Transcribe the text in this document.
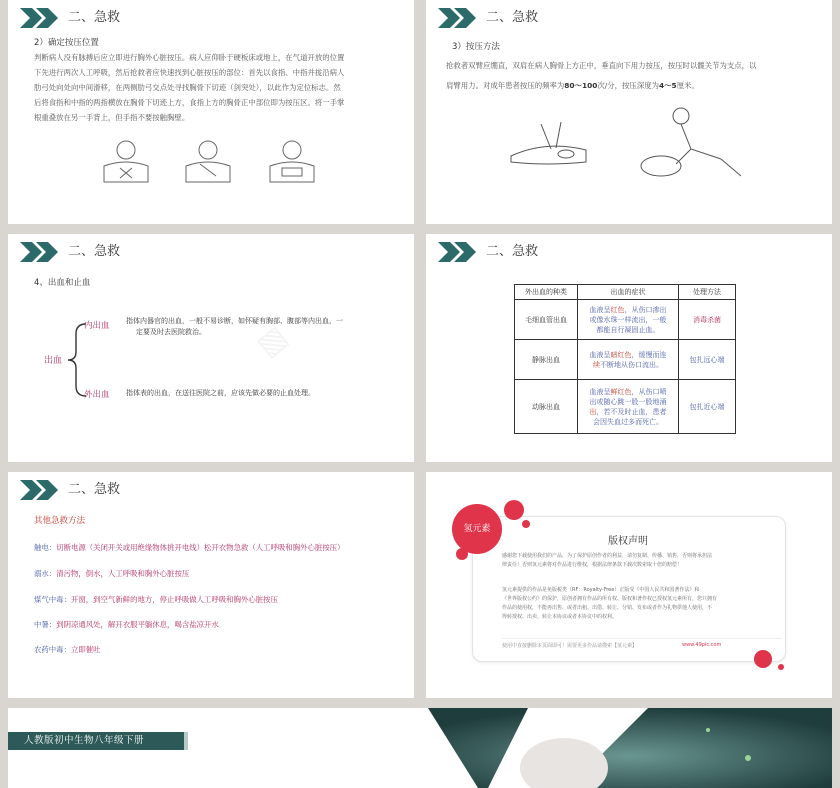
二、急救
2）确定按压位置
判断病人没有脉搏后应立即进行胸外心脏按压。病人应仰卧于硬板床或地上，在气道开放的位置
下先进行两次人工呼吸，然后抢救者应快速找到心脏按压的部位：首先以食指、中指并拢沿病人
肋弓处向处向中间滑移，在两侧肋弓交点处寻找胸骨下切迹（剑突处），以此作为定位标志。然
后将食指和中指的两指横放在胸骨下切迹上方，食指上方的胸骨正中部位即为按压区。将一手掌
根重叠放在另一手背上，但手指不要按触胸壁。
二、急救
3）按压方法
抢救者双臂应绷直，双肩在病人胸骨上方正中，垂直向下用力按压，按压时以髋关节为支点，以
肩臂用力。对成年患者按压的频率为80～100次/分，按压深度为4～5厘米。
二、急救
4、出血和止血
出血
内出血 指体内器官的出血，一般不易诊断，如怀疑有胸部、腹部等内出血，一
定要及时去医院救治。
外出血 指体表的出血，在送往医院之前，应该先做必要的止血处理。
▧
二、急救
外出血的种类	出血的症状	处理方法
毛细血管出血	血液呈红色，从伤口渗出
或像水珠一样流出，一般
都能自行凝固止血。	消毒杀菌
静脉出血	血液呈暗红色，缓慢而连
续不断地从伤口流出。	包扎远心端
动脉出血	血液呈鲜红色，从伤口喷
出或随心跳一股一股地涌
出，若不及时止血，患者
会因失血过多而死亡。	包扎近心端
二、急救
其他急救方法
触电：切断电源（关闭开关或用绝缘物体挑开电线）松开衣物急救（人工呼吸和胸外心脏按压）
溺水：清污物，倒水，人工呼吸和胸外心脏按压
煤气中毒：开窗，到空气新鲜的地方，停止呼吸做人工呼吸和胸外心脏按压
中暑：到阴凉通风处，解开衣服平躺休息，喝含盐凉开水
农药中毒：立即催吐
氢元素
版权声明
感谢您下载使用我们的产品，为了保护原创作者的利益，请勿复制、传播、销售，否则将承担法
律责任！否则氢元素将对作品进行维权，根据法律条款下载次数索取十倍的赔偿！
氢元素提供的作品是免版税类（RF：Royalty-Free）正版受《中国人民共和国著作法》和
《世界版权公约》的保护，原创者拥有作品的所有权、版权和著作权已授权氢元素所有，您只拥有
作品的使用权，不能再出售、或者出租、出借、转让、分销、发布或者作为礼物供他人使用，不
得转授权、出卖、转让本协议或者本协议中的权利。
使用中直接删除本页面即可！需要更多作品请搜索【氢元素】	www.49pic.com
人教版初中生物八年级下册
